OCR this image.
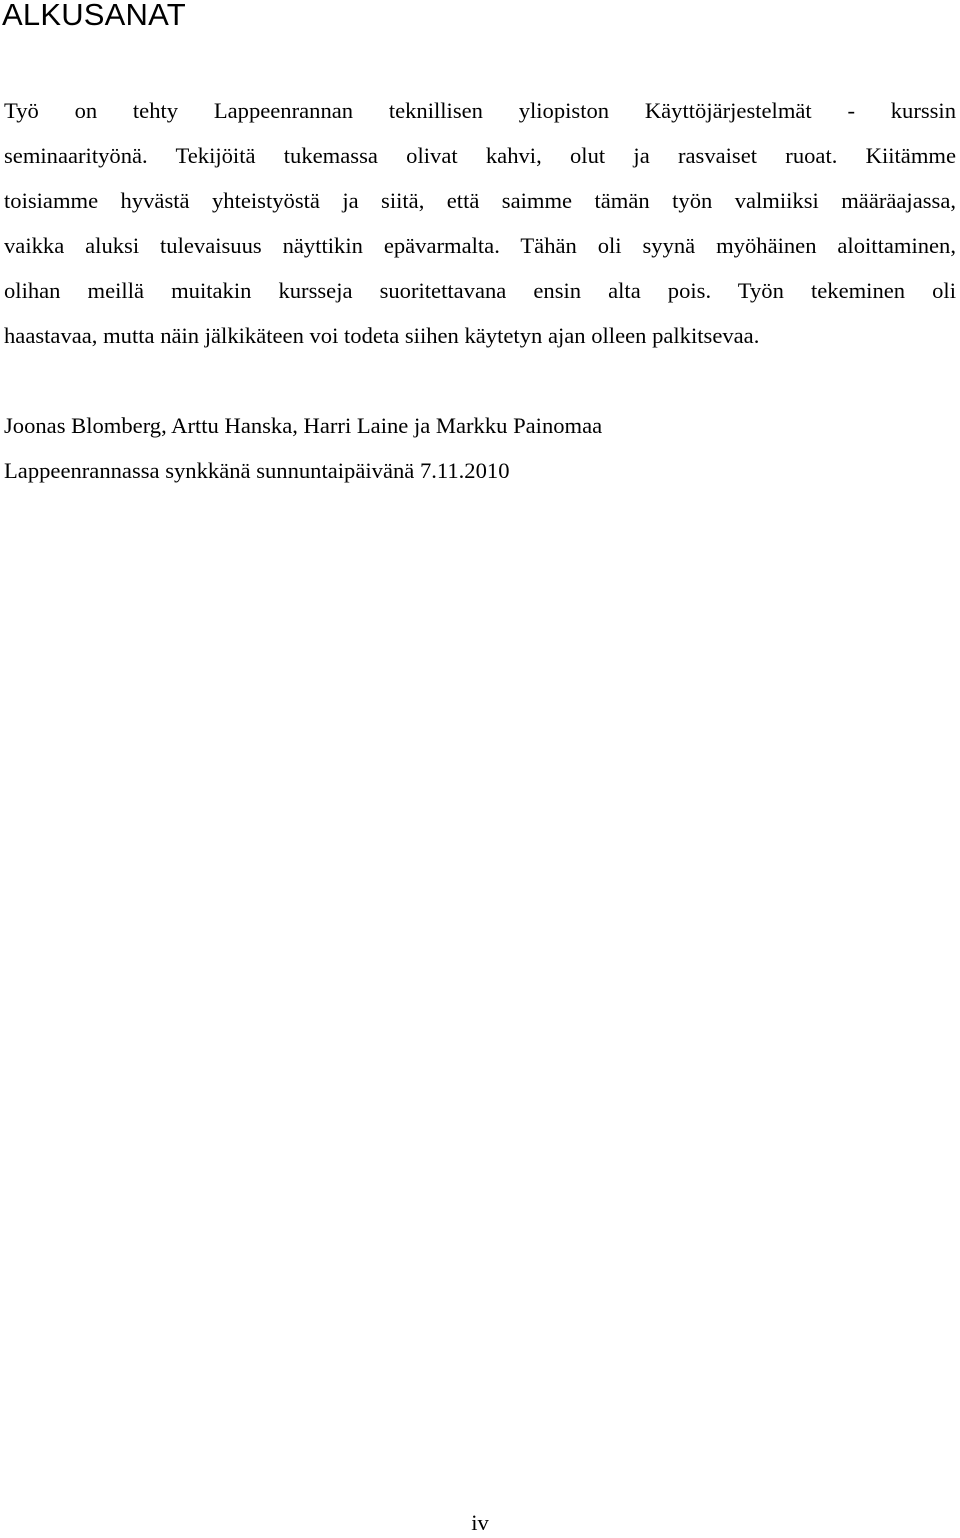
ALKUSANAT
Työ on tehty Lappeenrannan teknillisen yliopiston Käyttöjärjestelmät - kurssin
seminaarityönä. Tekijöitä tukemassa olivat kahvi, olut ja rasvaiset ruoat. Kiitämme
toisiamme hyvästä yhteistyöstä ja siitä, että saimme tämän työn valmiiksi määräajassa,
vaikka aluksi tulevaisuus näyttikin epävarmalta. Tähän oli syynä myöhäinen aloittaminen,
olihan meillä muitakin kursseja suoritettavana ensin alta pois. Työn tekeminen oli
haastavaa, mutta näin jälkikäteen voi todeta siihen käytetyn ajan olleen palkitsevaa.
Joonas Blomberg, Arttu Hanska, Harri Laine ja Markku Painomaa
Lappeenrannassa synkkänä sunnuntaipäivänä 7.11.2010
iv
